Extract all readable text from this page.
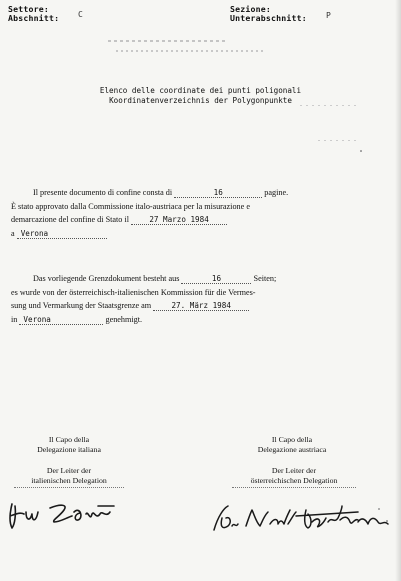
Settore:
Abschnitt: C
Sezione:
Unterabschnitt: P
Elenco delle coordinate dei punti poligonali
Koordinatenverzeichnis der Polygonpunkte
Il presente documento di confine consta di	16	pagine.
È stato approvato dalla Commissione italo-austriaca per la misurazione e
demarcazione del confine di Stato il	27 Marzo 1984
a Verona
Das vorliegende Grenzdokument besteht aus	16	Seiten;
es wurde von der österreichisch-italienischen Kommission für die Vermes-
sung und Vermarkung der Staatsgrenze am	27. März 1984
in Verona	genehmigt.
Il Capo della
Delegazione italiana
Der Leiter der
italienischen Delegation
Il Capo della
Delegazione austriaca
Der Leiter der
österreichischen Delegation
